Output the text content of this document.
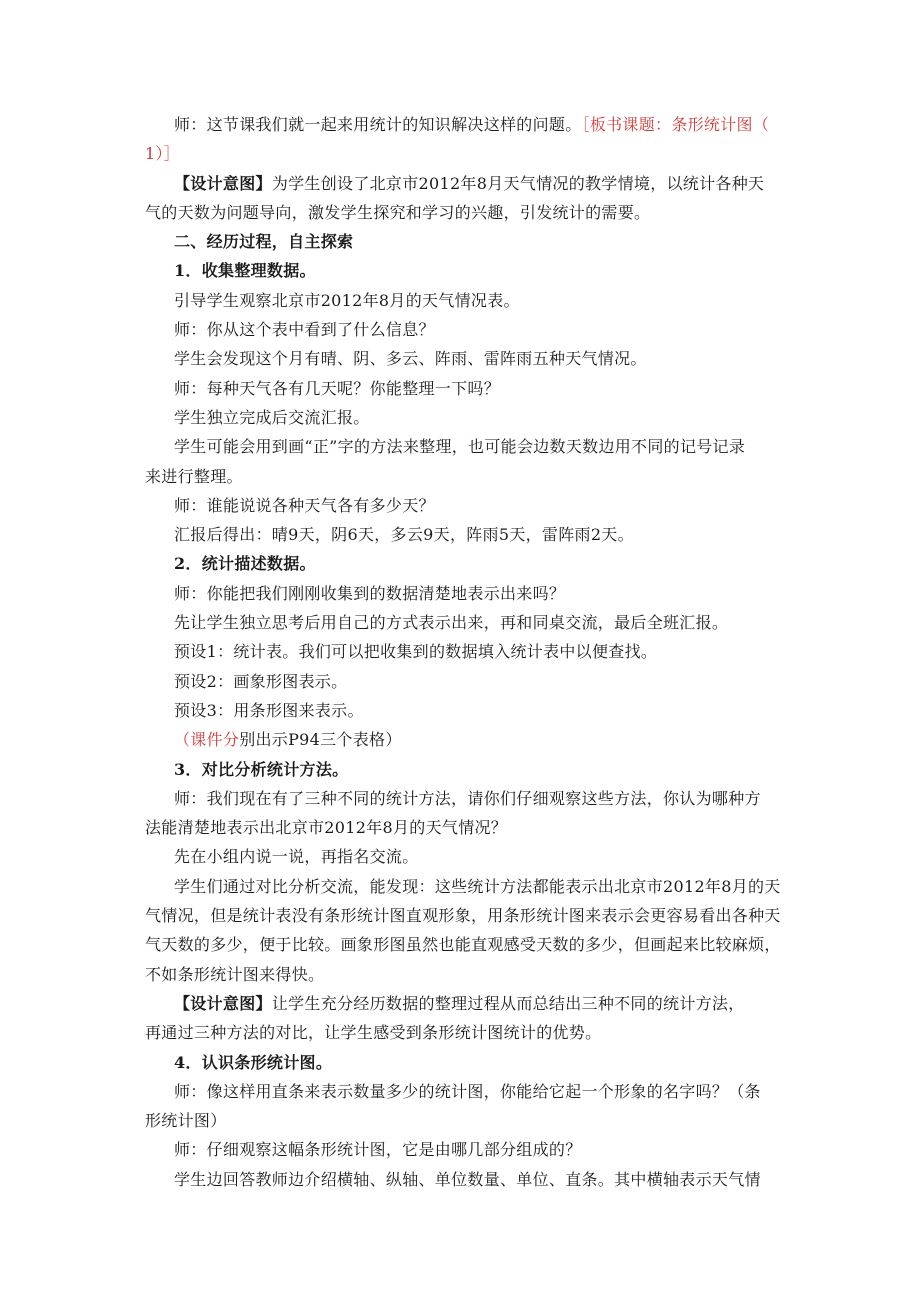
师：这节课我们就一起来用统计的知识解决这样的问题。［板书课题：条形统计图（
1）］
【设计意图】为学生创设了北京市2012年8月天气情况的教学情境，以统计各种天
气的天数为问题导向，激发学生探究和学习的兴趣，引发统计的需要。
二、经历过程，自主探索
1．收集整理数据。
引导学生观察北京市2012年8月的天气情况表。
师：你从这个表中看到了什么信息？
学生会发现这个月有晴、阴、多云、阵雨、雷阵雨五种天气情况。
师：每种天气各有几天呢？你能整理一下吗？
学生独立完成后交流汇报。
学生可能会用到画“正”字的方法来整理，也可能会边数天数边用不同的记号记录
来进行整理。
师：谁能说说各种天气各有多少天？
汇报后得出：晴9天，阴6天，多云9天，阵雨5天，雷阵雨2天。
2．统计描述数据。
师：你能把我们刚刚收集到的数据清楚地表示出来吗？
先让学生独立思考后用自己的方式表示出来，再和同桌交流，最后全班汇报。
预设1：统计表。我们可以把收集到的数据填入统计表中以便查找。
预设2：画象形图表示。
预设3：用条形图来表示。
（课件分别出示P94三个表格）
3．对比分析统计方法。
师：我们现在有了三种不同的统计方法，请你们仔细观察这些方法，你认为哪种方
法能清楚地表示出北京市2012年8月的天气情况？
先在小组内说一说，再指名交流。
学生们通过对比分析交流，能发现：这些统计方法都能表示出北京市2012年8月的天
气情况，但是统计表没有条形统计图直观形象，用条形统计图来表示会更容易看出各种天
气天数的多少，便于比较。画象形图虽然也能直观感受天数的多少，但画起来比较麻烦，
不如条形统计图来得快。
【设计意图】让学生充分经历数据的整理过程从而总结出三种不同的统计方法，
再通过三种方法的对比，让学生感受到条形统计图统计的优势。
4．认识条形统计图。
师：像这样用直条来表示数量多少的统计图，你能给它起一个形象的名字吗？（条
形统计图）
师：仔细观察这幅条形统计图，它是由哪几部分组成的？
学生边回答教师边介绍横轴、纵轴、单位数量、单位、直条。其中横轴表示天气情
